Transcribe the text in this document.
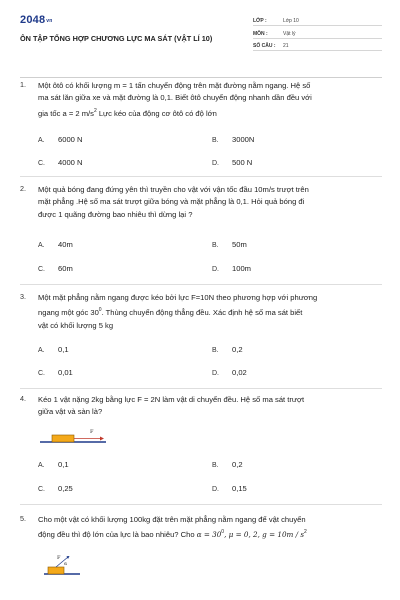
2048vn
ÔN TẬP TỔNG HỢP CHƯƠNG LỰC MA SÁT (VẬT LÍ 10)
LỚP :	Lớp 10
MÔN :	Vật lý
SỐ CÂU :	21
1. Một ôtô có khối lượng m = 1 tấn chuyển động trên mặt đường nằm ngang. Hệ số
ma sát lăn giữa xe và mặt đường là 0,1. Biết ôtô chuyển động nhanh dần đều với
gia tốc a = 2 $m/s^2$ Lực kéo của động cơ ôtô có độ lớn
A. 6000 N	B. 3000N
C. 4000 N	D. 500 N
2. Một quả bóng đang đứng yên thì truyền cho vật với vận tốc đầu 10m/s trượt trên
mặt phẳng .Hệ số ma sát trượt giữa bóng và mặt phẳng là 0,1. Hỏi quả bóng đi
được 1 quãng đường bao nhiêu thì dừng lại ?
A. 40m	B. 50m
C. 60m	D. 100m
3. Một mặt phẳng nằm ngang được kéo bởi lực F=10N theo phương hợp với phương
ngang một góc $30^0$. Thùng chuyển động thẳng đều. Xác định hệ số ma sát biết
vật có khối lượng 5 kg
A. 0,1	B. 0,2
C. 0,01	D. 0,02
4. Kéo 1 vật nặng 2kg bằng lực F = 2N làm vật di chuyển đều. Hệ số ma sát trượt
giữa vật và sàn là?
F
A. 0,1	B. 0,2
C. 0,25	D. 0,15
5. Cho một vật có khối lượng 100kg đặt trên mặt phẳng nằm ngang để vật chuyển
động đều thì độ lớn của lực là bao nhiêu? Cho $\alpha = 30^0$, μ = 0, 2, $g = 10m / s^2$
F
α
